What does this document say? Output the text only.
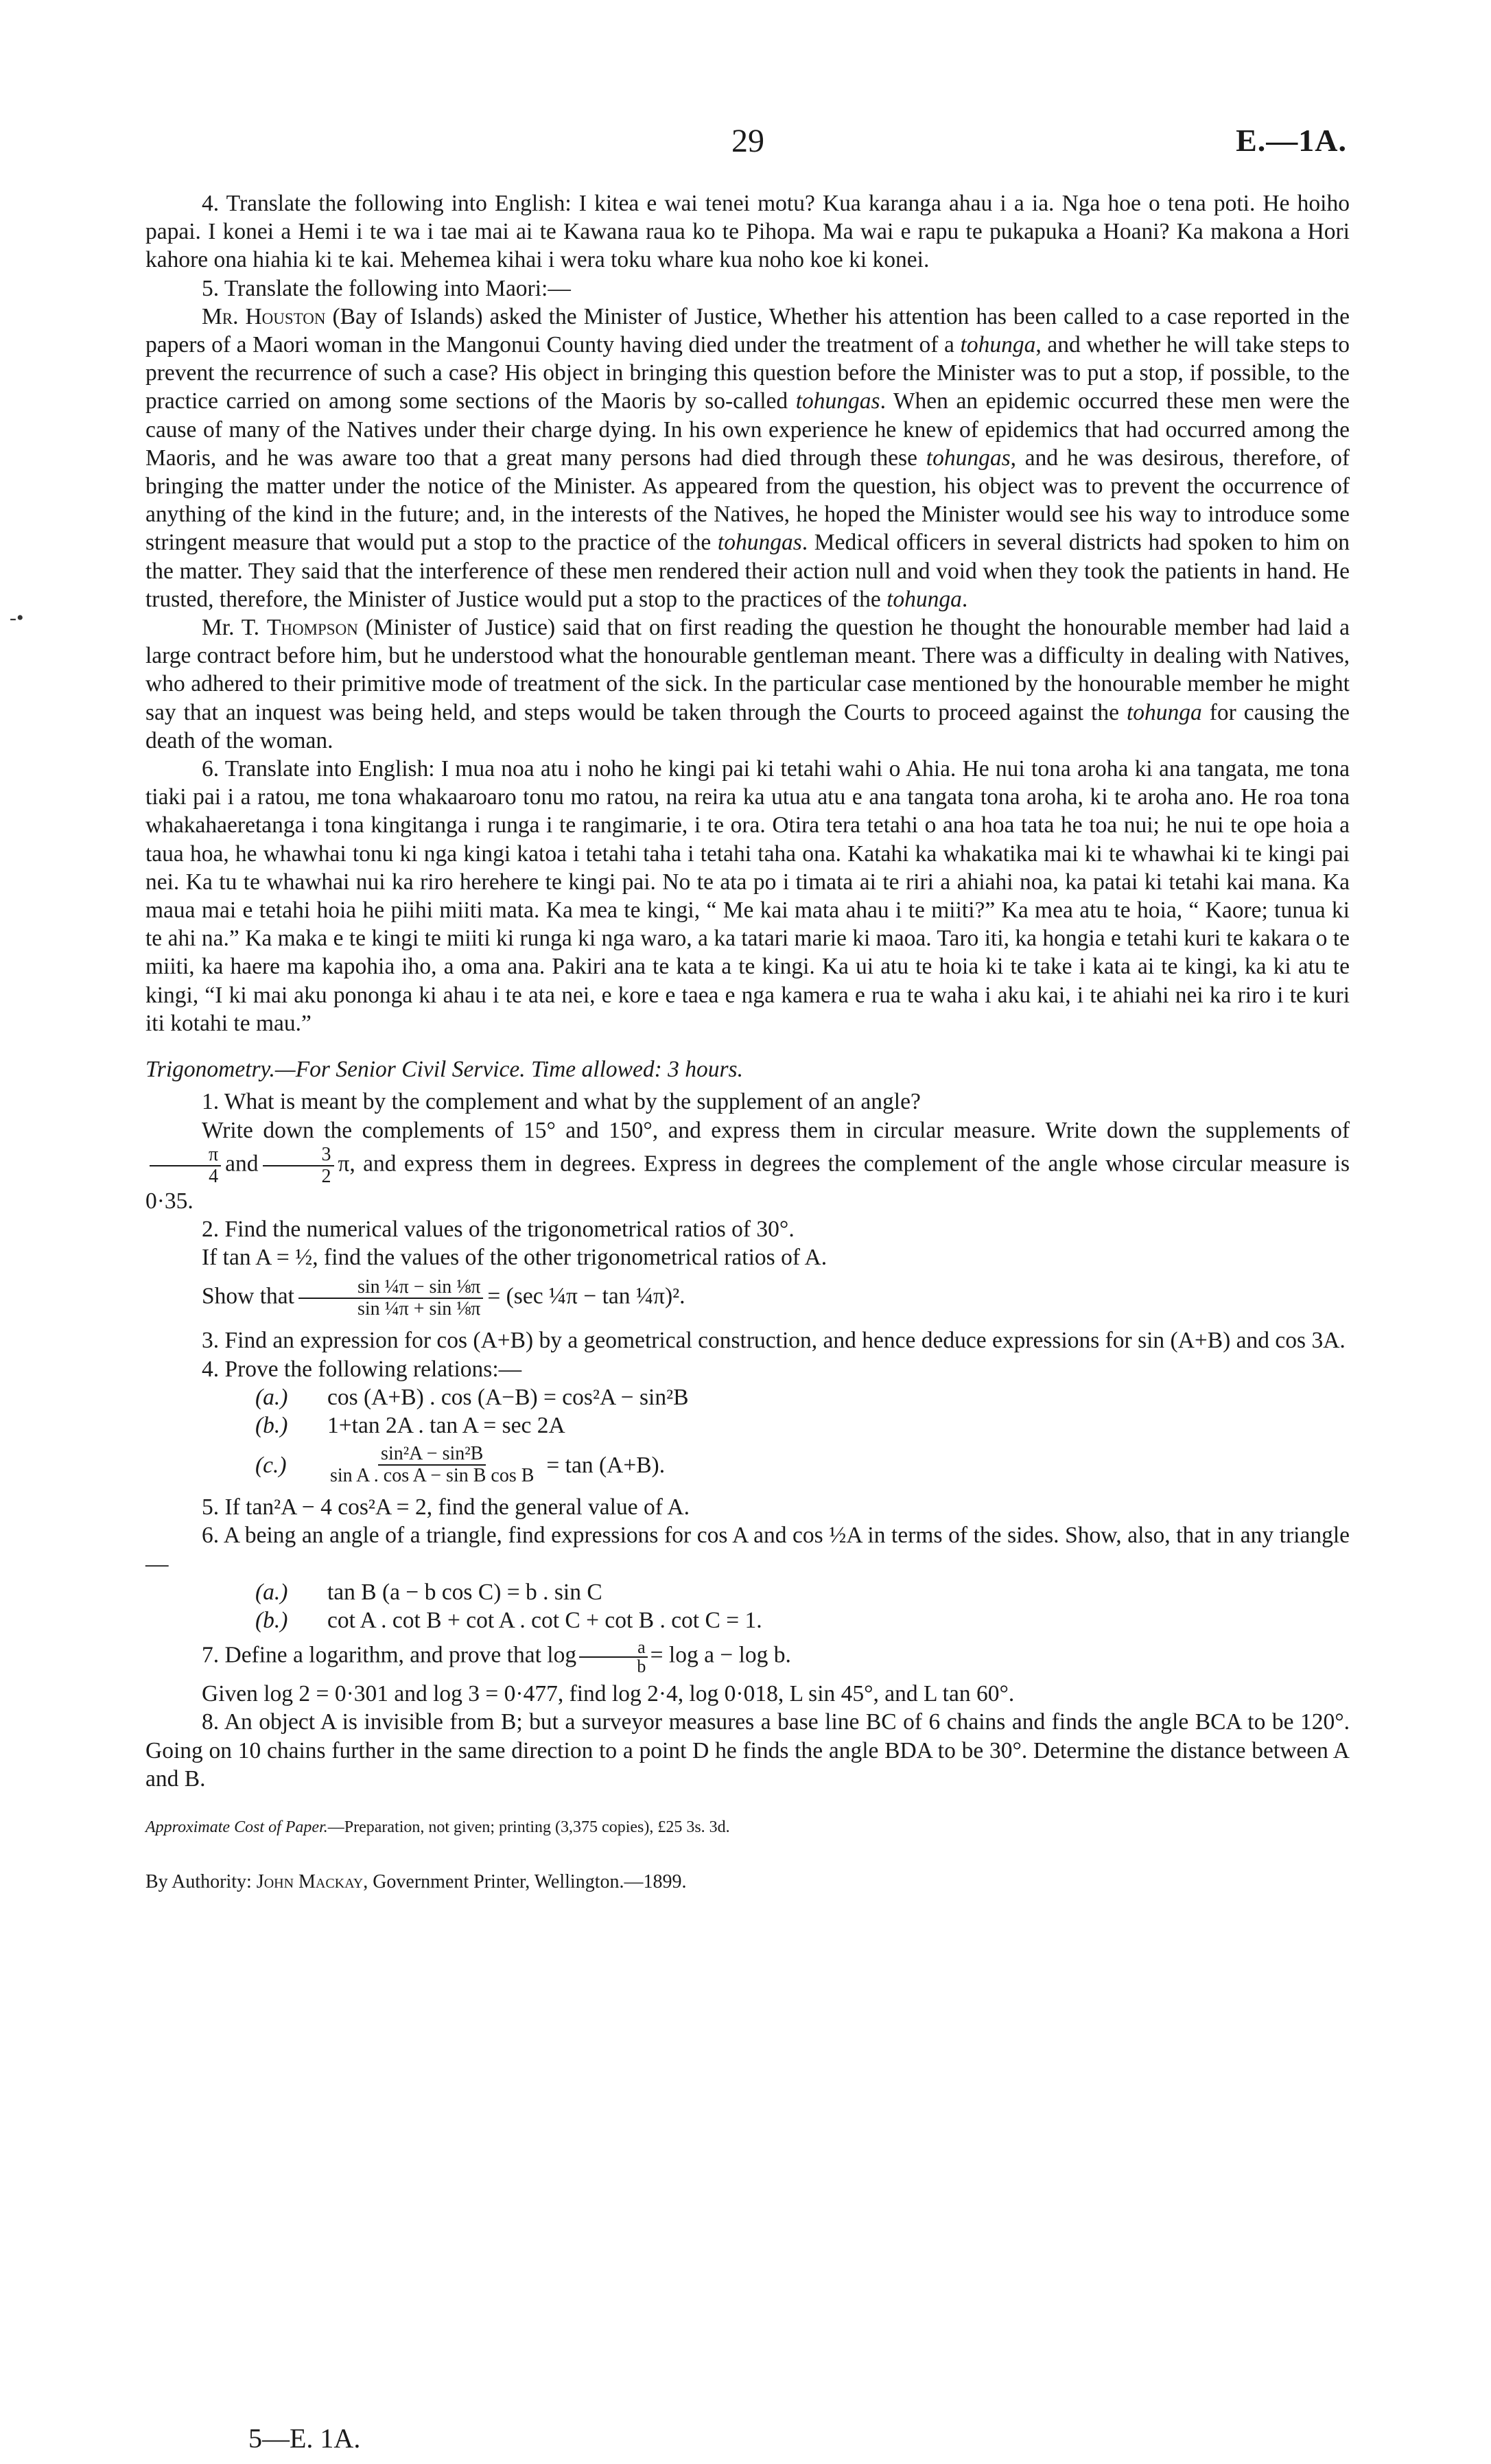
-•
29	E.—1A.

4. Translate the following into English: I kitea e wai tenei motu? Kua karanga ahau i a ia. Nga hoe o tena poti. He hoiho papai. I konei a Hemi i te wa i tae mai ai te Kawana raua ko te Pihopa. Ma wai e rapu te pukapuka a Hoani? Ka makona a Hori kahore ona hiahia ki te kai. Mehemea kihai i wera toku whare kua noho koe ki konei.

5. Translate the following into Maori:—

Mr. Houston (Bay of Islands) asked the Minister of Justice, Whether his attention has been called to a case reported in the papers of a Maori woman in the Mangonui County having died under the treatment of a tohunga, and whether he will take steps to prevent the recurrence of such a case? His object in bringing this question before the Minister was to put a stop, if possible, to the practice carried on among some sections of the Maoris by so-called tohungas. When an epidemic occurred these men were the cause of many of the Natives under their charge dying. In his own experience he knew of epidemics that had occurred among the Maoris, and he was aware too that a great many persons had died through these tohungas, and he was desirous, therefore, of bringing the matter under the notice of the Minister. As appeared from the question, his object was to prevent the occurrence of anything of the kind in the future; and, in the interests of the Natives, he hoped the Minister would see his way to introduce some stringent measure that would put a stop to the practice of the tohungas. Medical officers in several districts had spoken to him on the matter. They said that the interference of these men rendered their action null and void when they took the patients in hand. He trusted, therefore, the Minister of Justice would put a stop to the practices of the tohunga.

Mr. T. Thompson (Minister of Justice) said that on first reading the question he thought the honourable member had laid a large contract before him, but he understood what the honourable gentleman meant. There was a difficulty in dealing with Natives, who adhered to their primitive mode of treatment of the sick. In the particular case mentioned by the honourable member he might say that an inquest was being held, and steps would be taken through the Courts to proceed against the tohunga for causing the death of the woman.

6. Translate into English: I mua noa atu i noho he kingi pai ki tetahi wahi o Ahia. He nui tona aroha ki ana tangata, me tona tiaki pai i a ratou, me tona whakaaroaro tonu mo ratou, na reira ka utua atu e ana tangata tona aroha, ki te aroha ano. He roa tona whakahaeretanga i tona kingitanga i runga i te rangimarie, i te ora. Otira tera tetahi o ana hoa tata he toa nui; he nui te ope hoia a taua hoa, he whawhai tonu ki nga kingi katoa i tetahi taha i tetahi taha ona. Katahi ka whakatika mai ki te whawhai ki te kingi pai nei. Ka tu te whawhai nui ka riro herehere te kingi pai. No te ata po i timata ai te riri a ahiahi noa, ka patai ki tetahi kai mana. Ka maua mai e tetahi hoia he piihi miiti mata. Ka mea te kingi, “ Me kai mata ahau i te miiti?” Ka mea atu te hoia, “ Kaore; tunua ki te ahi na.” Ka maka e te kingi te miiti ki runga ki nga waro, a ka tatari marie ki maoa. Taro iti, ka hongia e tetahi kuri te kakara o te miiti, ka haere ma kapohia iho, a oma ana. Pakiri ana te kata a te kingi. Ka ui atu te hoia ki te take i kata ai te kingi, ka ki atu te kingi, “I ki mai aku pononga ki ahau i te ata nei, e kore e taea e nga kamera e rua te waha i aku kai, i te ahiahi nei ka riro i te kuri iti kotahi te mau.”

Trigonometry.—For Senior Civil Service. Time allowed: 3 hours.

1. What is meant by the complement and what by the supplement of an angle?

Write down the complements of 15° and 150°, and express them in circular measure. Write down the supplements of
$\frac{\pi}{4}$ and $\frac{3}{2} \pi$, and express them in degrees. Express in degrees the complement of the angle whose circular measure is 0·35.

2. Find the numerical values of the trigonometrical ratios of 30°.

If tan A = ½, find the values of the other trigonometrical ratios of A.

Show that $\frac{\text{sin ¼π − sin ⅛π}}{\text{sin ¼π + sin ⅛π}} = (\sec$ ¼π − tan ¼π)².

3. Find an expression for cos (A+B) by a geometrical construction, and hence deduce expressions for sin (A+B) and cos 3A.

4. Prove the following relations:—

(a.)	cos (A+B) . cos (A−B) = cos²A − sin²B
(b.)	1+tan 2A . tan A = sec 2A
(c.)	$\frac{\text{sin²A − sin²B}}{\text{sin A . cos A − sin B cos B}} = \tan (A+B)$.

5. If tan²A − 4 cos²A = 2, find the general value of A.

6. A being an angle of a triangle, find expressions for cos A and cos ½A in terms of the sides. Show, also, that in any triangle—

(a.)	tan B (a − b cos C) = b . sin C
(b.)	cot A . cot B + cot A . cot C + cot B . cot C = 1.

7. Define a logarithm, and prove that $\log \frac{a}{b} = \log a - \log b$.

Given log 2 = 0·301 and log 3 = 0·477, find log 2·4, log 0·018, L sin 45°, and L tan 60°.

8. An object A is invisible from B; but a surveyor measures a base line BC of 6 chains and finds the angle BCA to be 120°. Going on 10 chains further in the same direction to a point D he finds the angle BDA to be 30°. Determine the distance between A and B.

Approximate Cost of Paper.—Preparation, not given; printing (3,375 copies), £25 3s. 3d.

By Authority: John Mackay, Government Printer, Wellington.—1899.

5—E. 1A.
